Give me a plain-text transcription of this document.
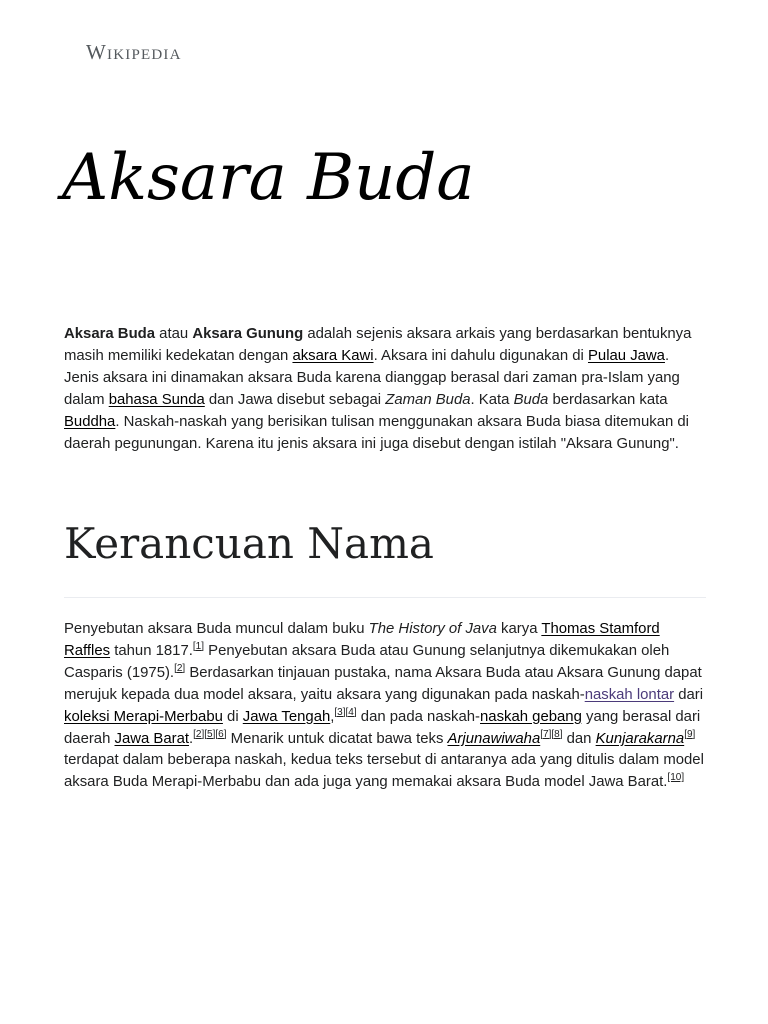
Wikipedia
Aksara Buda

Aksara Buda atau Aksara Gunung adalah sejenis aksara arkais yang berdasarkan bentuknya masih memiliki kedekatan dengan aksara Kawi. Aksara ini dahulu digunakan di Pulau Jawa. Jenis aksara ini dinamakan aksara Buda karena dianggap berasal dari zaman pra-Islam yang dalam bahasa Sunda dan Jawa disebut sebagai Zaman Buda. Kata Buda berdasarkan kata Buddha. Naskah-naskah yang berisikan tulisan menggunakan aksara Buda biasa ditemukan di daerah pegunungan. Karena itu jenis aksara ini juga disebut dengan istilah "Aksara Gunung".

Kerancuan Nama

Penyebutan aksara Buda muncul dalam buku The History of Java karya Thomas Stamford Raffles tahun 1817.[1] Penyebutan aksara Buda atau Gunung selanjutnya dikemukakan oleh Casparis (1975).[2] Berdasarkan tinjauan pustaka, nama Aksara Buda atau Aksara Gunung dapat merujuk kepada dua model aksara, yaitu aksara yang digunakan pada naskah-naskah lontar dari koleksi Merapi-Merbabu di Jawa Tengah,[3][4] dan pada naskah-naskah gebang yang berasal dari daerah Jawa Barat.[2][5][6] Menarik untuk dicatat bawa teks Arjunawiwaha[7][8] dan Kunjarakarna[9] terdapat dalam beberapa naskah, kedua teks tersebut di antaranya ada yang ditulis dalam model aksara Buda Merapi-Merbabu dan ada juga yang memakai aksara Buda model Jawa Barat.[10]
